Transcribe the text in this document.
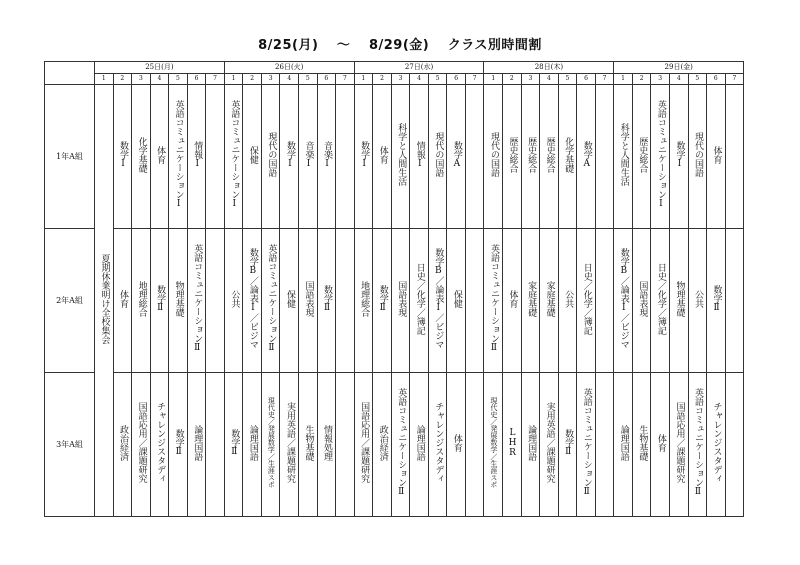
8/25(月)　 ～　 8/29(金)　 クラス別時間割
	25日(月)							26日(火)							27日(水)							28日(木)							29日(金)						
	1	2	3	4	5	6	7	1	2	3	4	5	6	7	1	2	3	4	5	6	7	1	2	3	4	5	6	7	1	2	3	4	5	6	7
1年A組	夏期休業明け全校集会	数学Ⅰ	化学基礎	体育	英語コミュニケーションⅠ	情報Ⅰ		英語コミュニケーションⅠ	保健	現代の国語	数学Ⅰ	音楽Ⅰ	音楽Ⅰ		数学Ⅰ	体育	科学と人間生活	情報Ⅰ	現代の国語	数学A		現代の国語	歴史総合	歴史総合	歴史総合	化学基礎	数学A		科学と人間生活	歴史総合	英語コミュニケーションⅠ	数学Ⅰ	現代の国語	体育	
2年A組		体育	地理総合	数学Ⅱ	物理基礎	英語コミュニケーションⅡ		公共	数学B／論表Ⅰ／ビジマ	英語コミュニケーションⅡ	保健	国語表現	数学Ⅱ		地理総合	数学Ⅱ	国語表現	日史／化学／簿記	数学B／論表Ⅰ／ビジマ	保健		英語コミュニケーションⅡ	体育	家庭基礎	家庭基礎	公共	日史／化学／簿記		数学B／論表Ⅰ／ビジマ	国語表現	日史／化学／簿記	物理基礎	公共	数学Ⅱ	
3年A組		政治経済	国語応用／課題研究	チャレンジスタディ	数学Ⅱ	論理国語		数学Ⅱ	論理国語	現代史／発展数学／生涯スポ	実用英語／課題研究	生物基礎	情報処理		国語応用／課題研究	政治経済	英語コミュニケーションⅡ	論理国語	チャレンジスタディ	体育		現代史／発展数学／生涯スポ	LHR	論理国語	実用英語／課題研究	数学Ⅱ	英語コミュニケーションⅡ		論理国語	生物基礎	体育	国語応用／課題研究	英語コミュニケーションⅡ	チャレンジスタディ	
